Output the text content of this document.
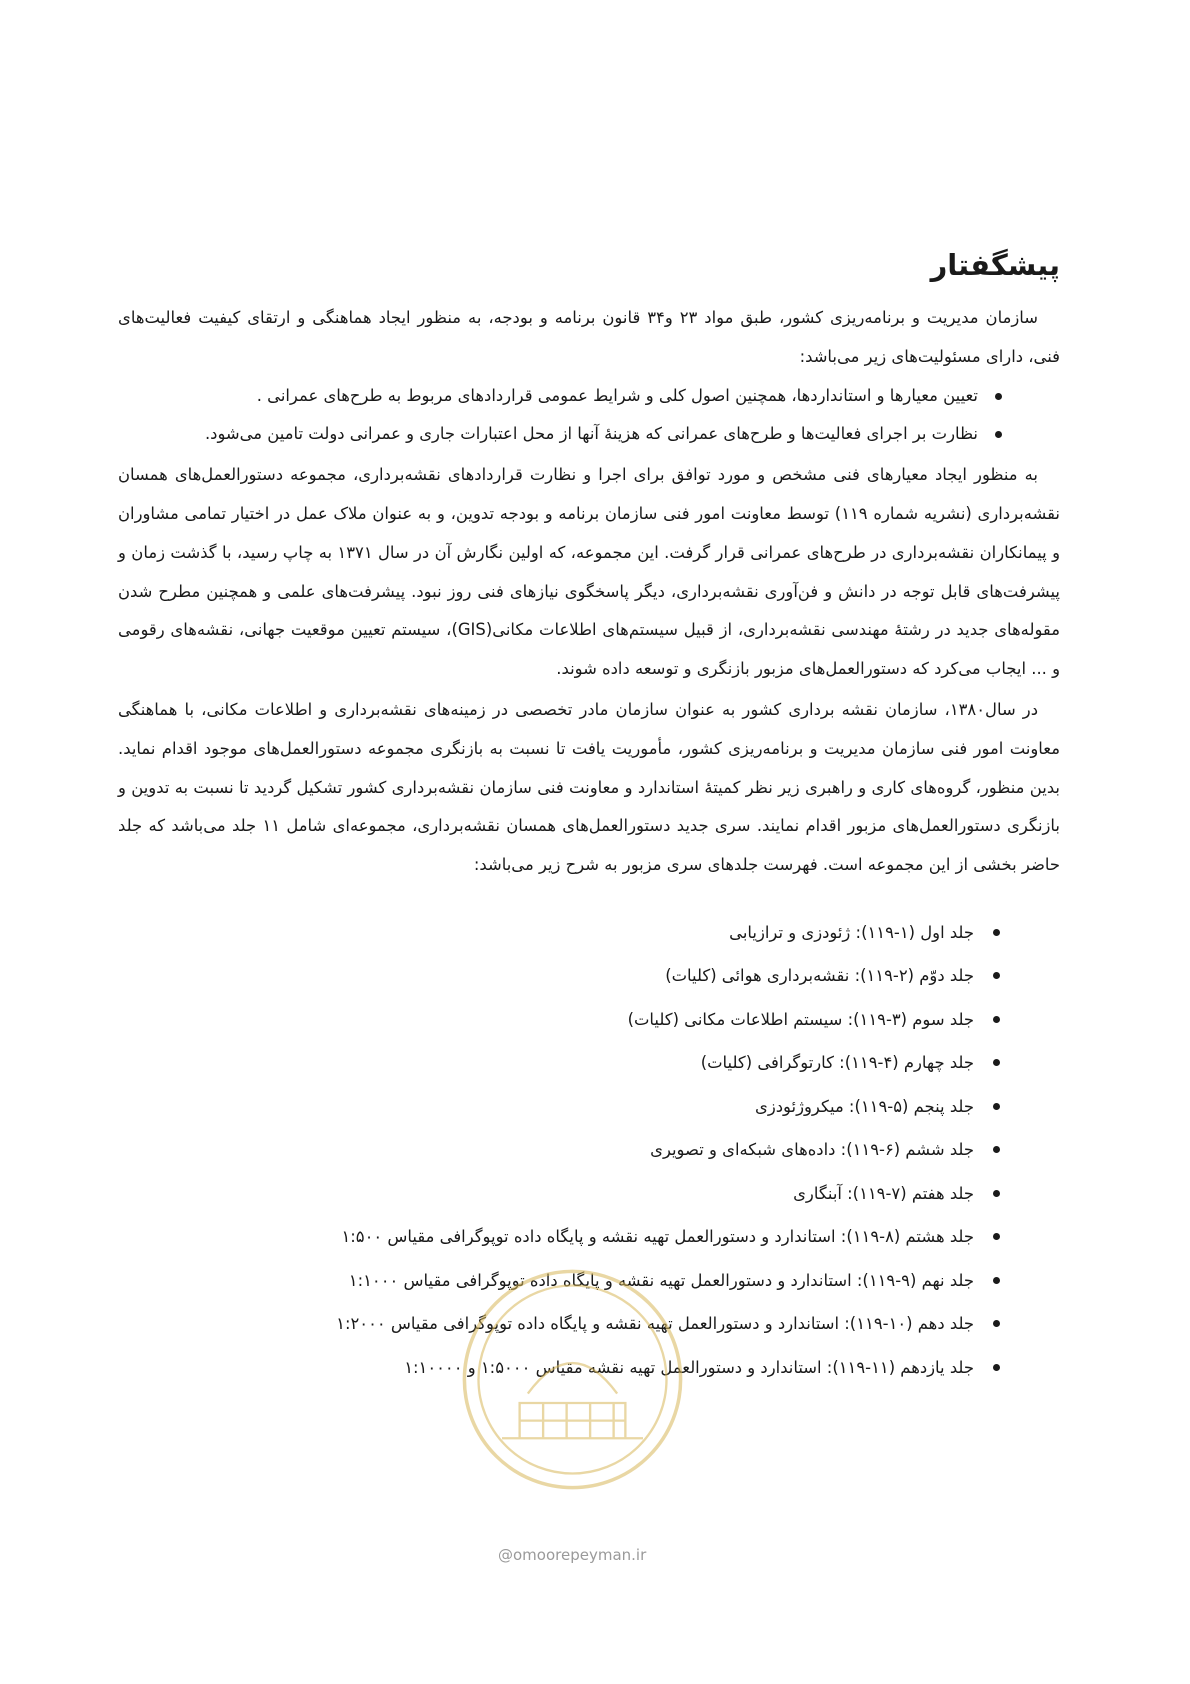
پیشگفتار

سازمان مدیریت و برنامه‌ریزی کشور، طبق مواد ۲۳ و۳۴ قانون برنامه و بودجه، به منظور ایجاد هماهنگی و ارتقای کیفیت فعالیت‌های فنی، دارای مسئولیت‌های زیر می‌باشد:

تعیین معیارها و استانداردها، همچنین اصول کلی و شرایط عمومی قراردادهای مربوط به طرح‌های عمرانی .
نظارت بر اجرای فعالیت‌ها و طرح‌های عمرانی که هزینهٔ آنها از محل اعتبارات جاری و عمرانی دولت تامین می‌شود.

به منظور ایجاد معیارهای فنی مشخص و مورد توافق برای اجرا و نظارت قراردادهای نقشه‌برداری، مجموعه دستورالعمل‌های همسان نقشه‌برداری (نشریه شماره ۱۱۹) توسط معاونت امور فنی سازمان برنامه و بودجه تدوین، و به عنوان ملاک عمل در اختیار تمامی مشاوران و پیمانکاران نقشه‌برداری در طرح‌های عمرانی قرار گرفت. این مجموعه، که اولین نگارش آن در سال ۱۳۷۱ به چاپ رسید، با گذشت زمان و پیشرفت‌های قابل توجه در دانش و فن‌آوری نقشه‌برداری، دیگر پاسخگوی نیازهای فنی روز نبود. پیشرفت‌های علمی و همچنین مطرح شدن مقوله‌های جدید در رشتهٔ مهندسی نقشه‌برداری، از قبیل سیستم‌های اطلاعات مکانی(GIS)، سیستم تعیین موقعیت جهانی، نقشه‌های رقومی و ... ایجاب می‌کرد که دستورالعمل‌های مزبور بازنگری و توسعه داده شوند.

در سال۱۳۸۰، سازمان نقشه برداری کشور به عنوان سازمان مادر تخصصی در زمینه‌های نقشه‌برداری و اطلاعات مکانی، با هماهنگی معاونت امور فنی سازمان مدیریت و برنامه‌ریزی کشور، مأموریت یافت تا نسبت به بازنگری مجموعه دستورالعمل‌های موجود اقدام نماید. بدین منظور، گروه‌های کاری و راهبری زیر نظر کمیتهٔ استاندارد و معاونت فنی سازمان نقشه‌برداری کشور تشکیل گردید تا نسبت به تدوین و بازنگری دستورالعمل‌های مزبور اقدام نمایند. سری جدید دستورالعمل‌های همسان نقشه‌برداری، مجموعه‌ای شامل ۱۱ جلد می‌باشد که جلد حاضر بخشی از این مجموعه است. فهرست جلدهای سری مزبور به شرح زیر می‌باشد:

جلد اول (۱-۱۱۹): ژئودزی و ترازیابی
جلد دوّم (۲-۱۱۹): نقشه‌برداری هوائی (کلیات)
جلد سوم (۳-۱۱۹): سیستم اطلاعات مکانی (کلیات)
جلد چهارم (۴-۱۱۹): کارتوگرافی (کلیات)
جلد پنجم (۵-۱۱۹): میکروژئودزی
جلد ششم (۶-۱۱۹): داده‌های شبکه‌ای و تصویری
جلد هفتم (۷-۱۱۹): آبنگاری
جلد هشتم (۸-۱۱۹): استاندارد و دستورالعمل تهیه نقشه و پایگاه داده توپوگرافی مقیاس ۱:۵۰۰
جلد نهم (۹-۱۱۹): استاندارد و دستورالعمل تهیه نقشه و پایگاه داده توپوگرافی مقیاس ۱:۱۰۰۰
جلد دهم (۱۰-۱۱۹): استاندارد و دستورالعمل تهیه نقشه و پایگاه داده توپوگرافی مقیاس ۱:۲۰۰۰
جلد یازدهم (۱۱-۱۱۹): استاندارد و دستورالعمل تهیه نقشه مقیاس ۱:۵۰۰۰ و ۱:۱۰۰۰۰
@omoorepeyman.ir
